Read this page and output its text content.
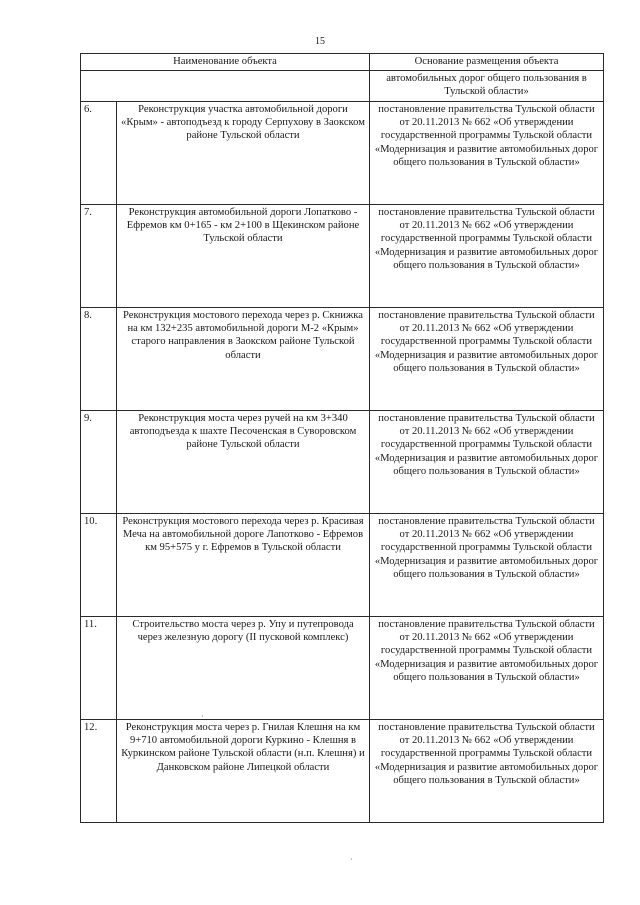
15
Наименование объекта		Основание размещения объекта
		автомобильных дорог общего пользования в Тульской области»
6.	Реконструкция участка автомобильной дороги «Крым» - автоподъезд к городу Серпухову в Заокском районе Тульской области	постановление правительства Тульской области от 20.11.2013 № 662 «Об утверждении государственной программы Тульской области «Модернизация и развитие автомобильных дорог общего пользования в Тульской области»
7.	Реконструкция автомобильной дороги Лопатково - Ефремов км 0+165 - км 2+100 в Щекинском районе Тульской области	постановление правительства Тульской области от 20.11.2013 № 662 «Об утверждении государственной программы Тульской области «Модернизация и развитие автомобильных дорог общего пользования в Тульской области»
8.	Реконструкция мостового перехода через р. Скнижка на км 132+235 автомобильной дороги М-2 «Крым» старого направления в Заокском районе Тульской области	постановление правительства Тульской области от 20.11.2013 № 662 «Об утверждении государственной программы Тульской области «Модернизация и развитие автомобильных дорог общего пользования в Тульской области»
9.	Реконструкция моста через ручей на км 3+340 автоподъезда к шахте Песоченская в Суворовском районе Тульской области	постановление правительства Тульской области от 20.11.2013 № 662 «Об утверждении государственной программы Тульской области «Модернизация и развитие автомобильных дорог общего пользования в Тульской области»
10.	Реконструкция мостового перехода через р. Красивая Меча на автомобильной дороге Лапотково - Ефремов км 95+575 у г. Ефремов в Тульской области	постановление правительства Тульской области от 20.11.2013 № 662 «Об утверждении государственной программы Тульской области «Модернизация и развитие автомобильных дорог общего пользования в Тульской области»
11.	Строительство моста через р. Упу и путепровода через железную дорогу (II пусковой комплекс)	постановление правительства Тульской области от 20.11.2013 № 662 «Об утверждении государственной программы Тульской области «Модернизация и развитие автомобильных дорог общего пользования в Тульской области»
12.	Реконструкция моста через р. Гнилая Клешня на км 9+710 автомобильной дороги Куркино - Клешня в Куркинском районе Тульской области (н.п. Клешня) и Данковском районе Липецкой области	постановление правительства Тульской области от 20.11.2013 № 662 «Об утверждении государственной программы Тульской области «Модернизация и развитие автомобильных дорог общего пользования в Тульской области»
·
·
